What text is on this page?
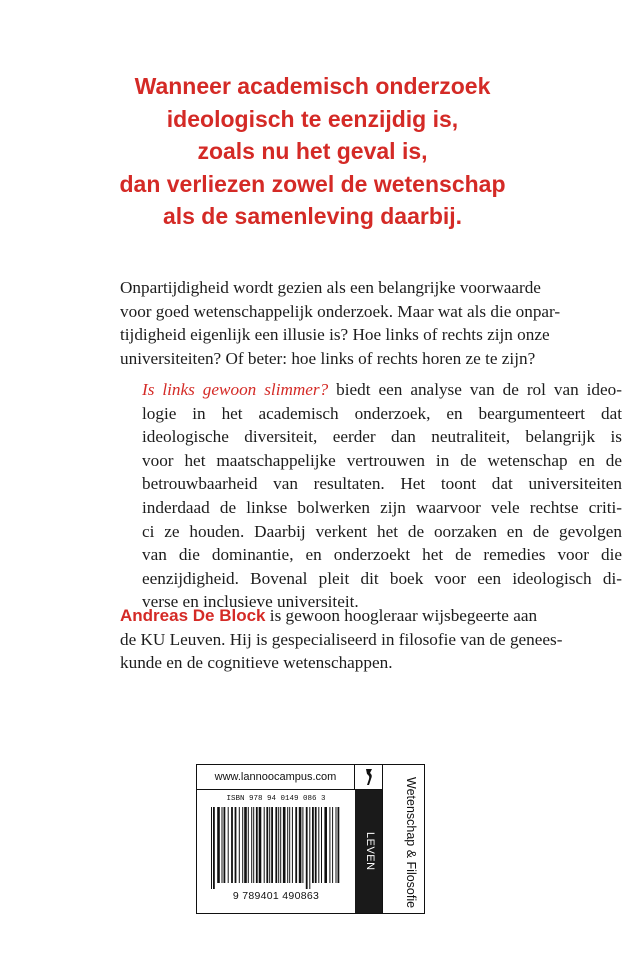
Wanneer academisch onderzoek
ideologisch te eenzijdig is,
zoals nu het geval is,
dan verliezen zowel de wetenschap
als de samenleving daarbij.
Onpartijdigheid wordt gezien als een belangrijke voorwaarde
voor goed wetenschappelijk onderzoek. Maar wat als die onpar-
tijdigheid eigenlijk een illusie is? Hoe links of rechts zijn onze
universiteiten? Of beter: hoe links of rechts horen ze te zijn?
Is links gewoon slimmer? biedt een analyse van de rol van ideo-
logie in het academisch onderzoek, en beargumenteert dat
ideologische diversiteit, eerder dan neutraliteit, belangrijk is
voor het maatschappelijke vertrouwen in de wetenschap en de
betrouwbaarheid van resultaten. Het toont dat universiteiten
inderdaad de linkse bolwerken zijn waarvoor vele rechtse criti-
ci ze houden. Daarbij verkent het de oorzaken en de gevolgen
van die dominantie, en onderzoekt het de remedies voor die
eenzijdigheid. Bovenal pleit dit boek voor een ideologisch di-
verse en inclusieve universiteit.
Andreas De Block is gewoon hoogleraar wijsbegeerte aan
de KU Leuven. Hij is gespecialiseerd in filosofie van de genees-
kunde en de cognitieve wetenschappen.
www.lannoocampus.com
LEVEN Wetenschap & Filosofie
ISBN 978 94 0149 086 3
9 789401 490863
